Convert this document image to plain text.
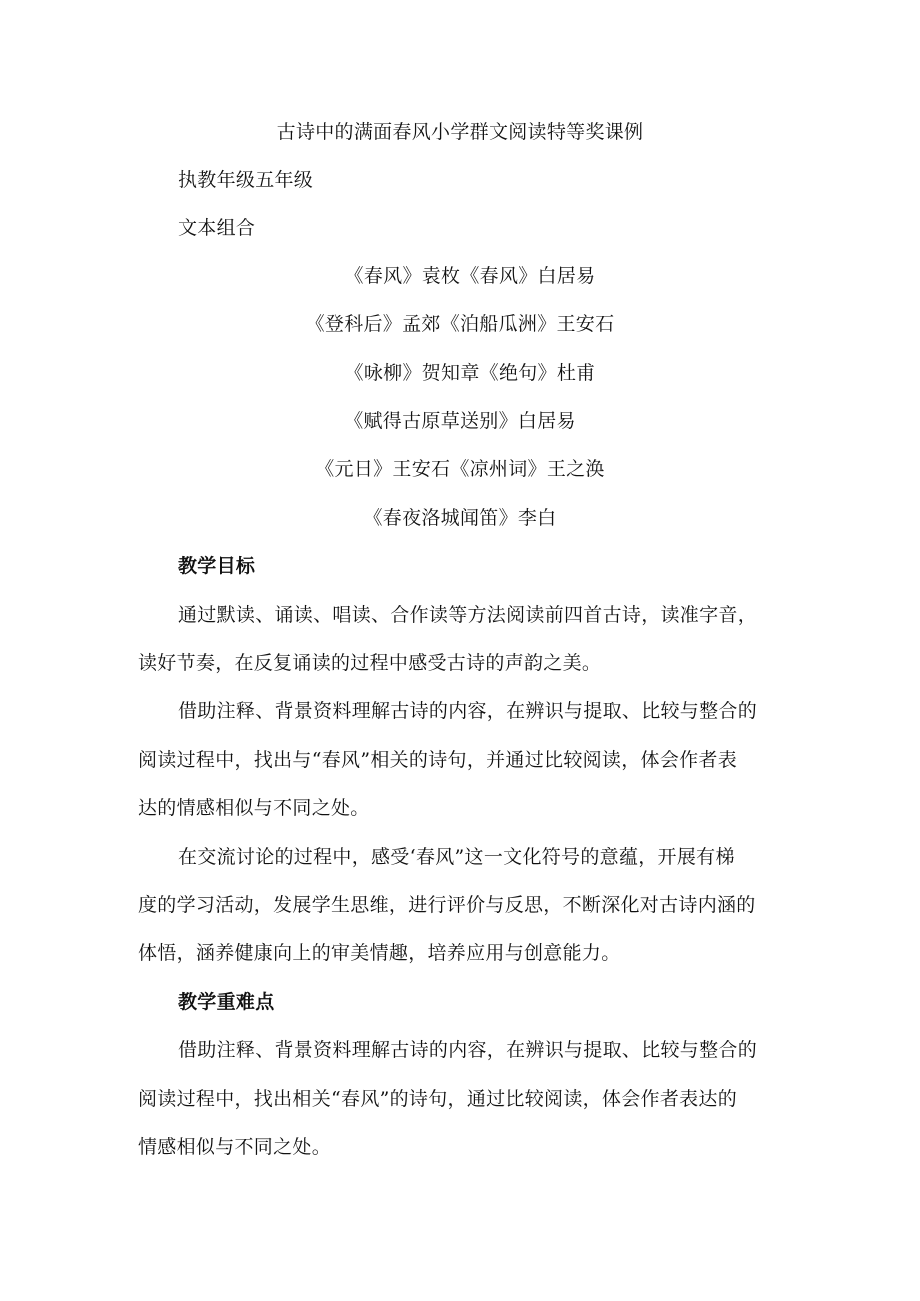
古诗中的满面春风小学群文阅读特等奖课例
执教年级五年级
文本组合
《春风》袁枚《春风》白居易
《登科后》孟郊《泊船瓜洲》王安石
《咏柳》贺知章《绝句》杜甫
《赋得古原草送别》白居易
《元日》王安石《凉州词》王之涣
《春夜洛城闻笛》李白
教学目标
通过默读、诵读、唱读、合作读等方法阅读前四首古诗，读准字音，
读好节奏，在反复诵读的过程中感受古诗的声韵之美。
借助注释、背景资料理解古诗的内容，在辨识与提取、比较与整合的
阅读过程中，找出与“春风”相关的诗句，并通过比较阅读，体会作者表
达的情感相似与不同之处。
在交流讨论的过程中，感受‘春风”这一文化符号的意蕴，开展有梯
度的学习活动，发展学生思维，进行评价与反思，不断深化对古诗内涵的
体悟，涵养健康向上的审美情趣，培养应用与创意能力。
教学重难点
借助注释、背景资料理解古诗的内容，在辨识与提取、比较与整合的
阅读过程中，找出相关“春风”的诗句，通过比较阅读，体会作者表达的
情感相似与不同之处。
